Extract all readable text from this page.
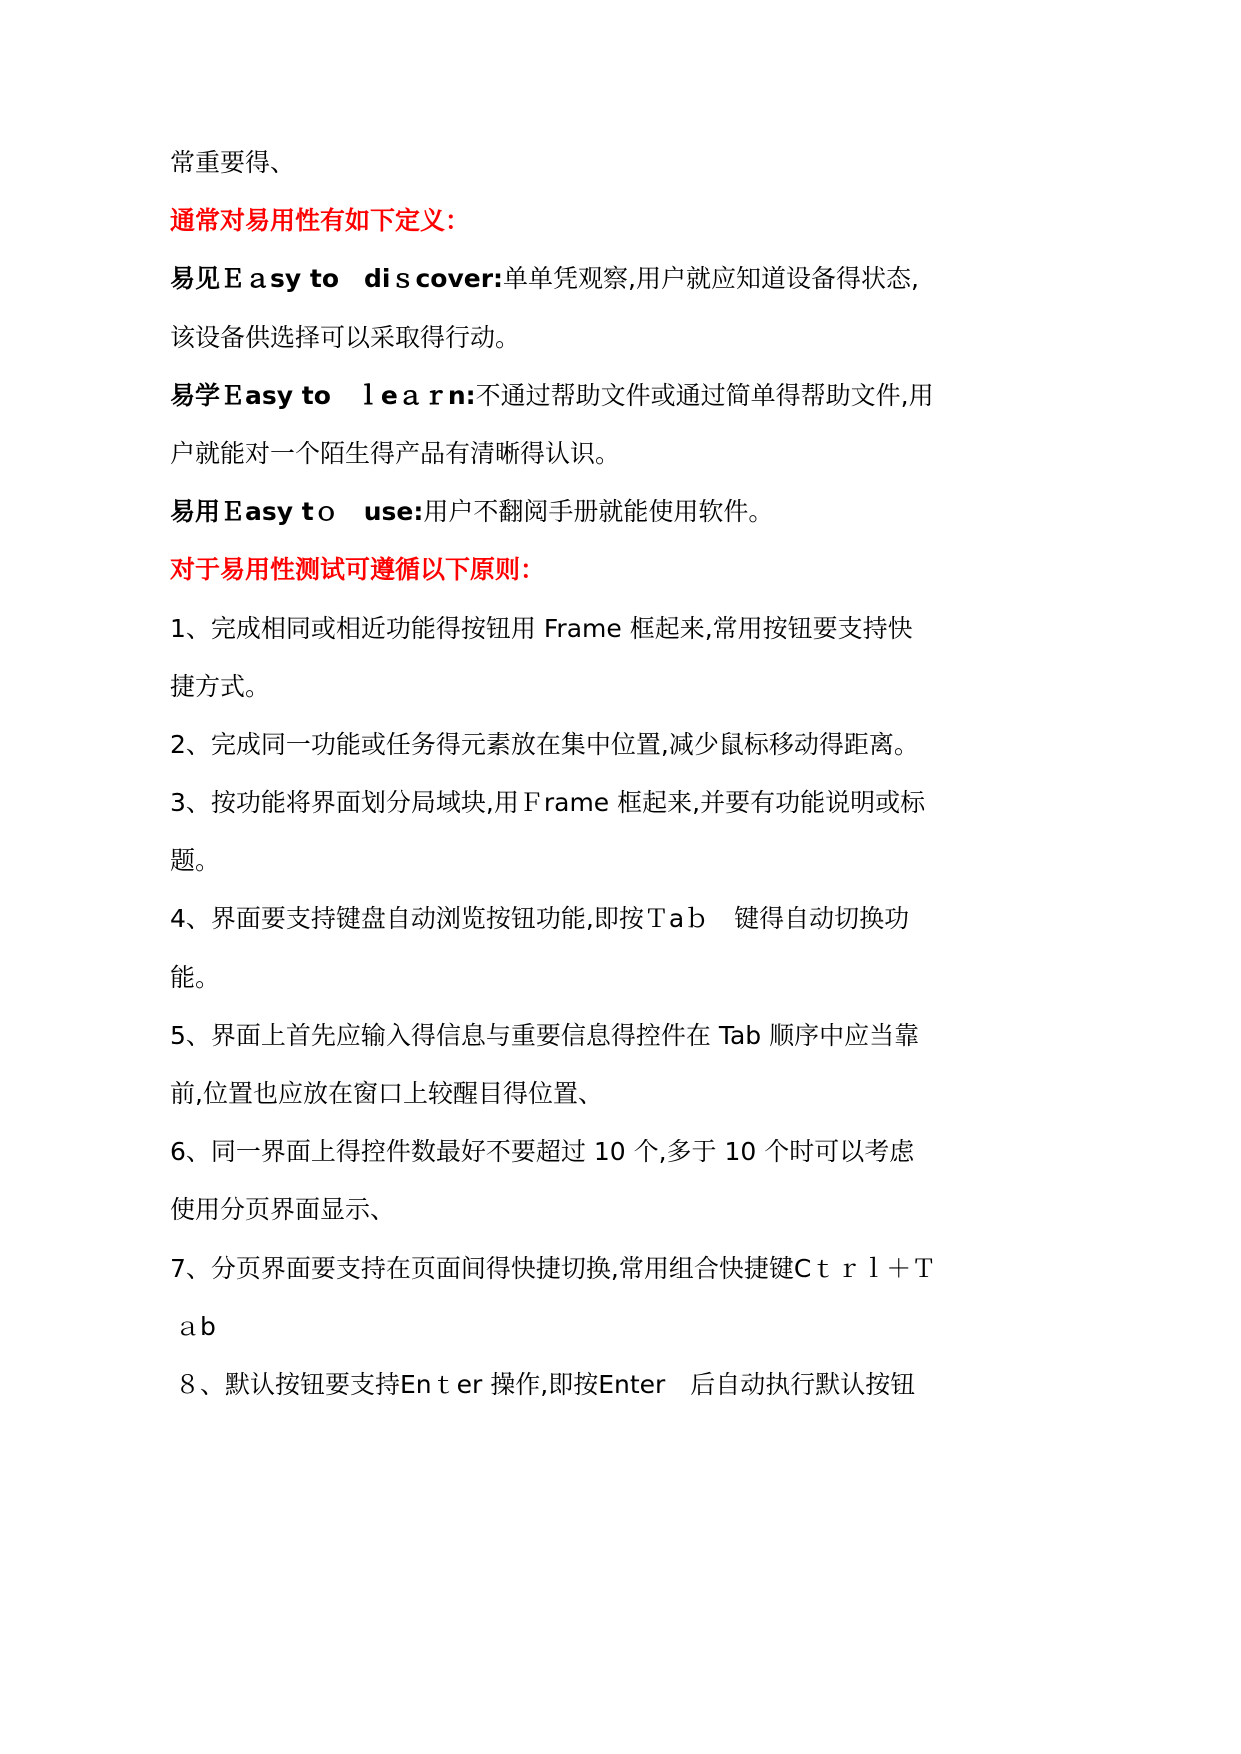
常重要得、
通常对易用性有如下定义：
易见Ｅａsy to　diｓcover:单单凭观察,用户就应知道设备得状态,
该设备供选择可以采取得行动。
易学Ｅasy to　ｌeａｒn:不通过帮助文件或通过简单得帮助文件,用
户就能对一个陌生得产品有清晰得认识。
易用Ｅasy tｏ　use:用户不翻阅手册就能使用软件。
对于易用性测试可遵循以下原则：
1、完成相同或相近功能得按钮用 Frame 框起来,常用按钮要支持快
捷方式。
2、完成同一功能或任务得元素放在集中位置,减少鼠标移动得距离。
3、按功能将界面划分局域块,用Ｆrame 框起来,并要有功能说明或标
题。
4、界面要支持键盘自动浏览按钮功能,即按Ｔaｂ　键得自动切换功
能。
5、界面上首先应输入得信息与重要信息得控件在 Tab 顺序中应当靠
前,位置也应放在窗口上较醒目得位置、
6、同一界面上得控件数最好不要超过 10 个,多于 10 个时可以考虑
使用分页界面显示、
7、分页界面要支持在页面间得快捷切换,常用组合快捷键Cｔｒｌ＋Ｔ
ａb
８、默认按钮要支持Enｔer 操作,即按Enter　后自动执行默认按钮
